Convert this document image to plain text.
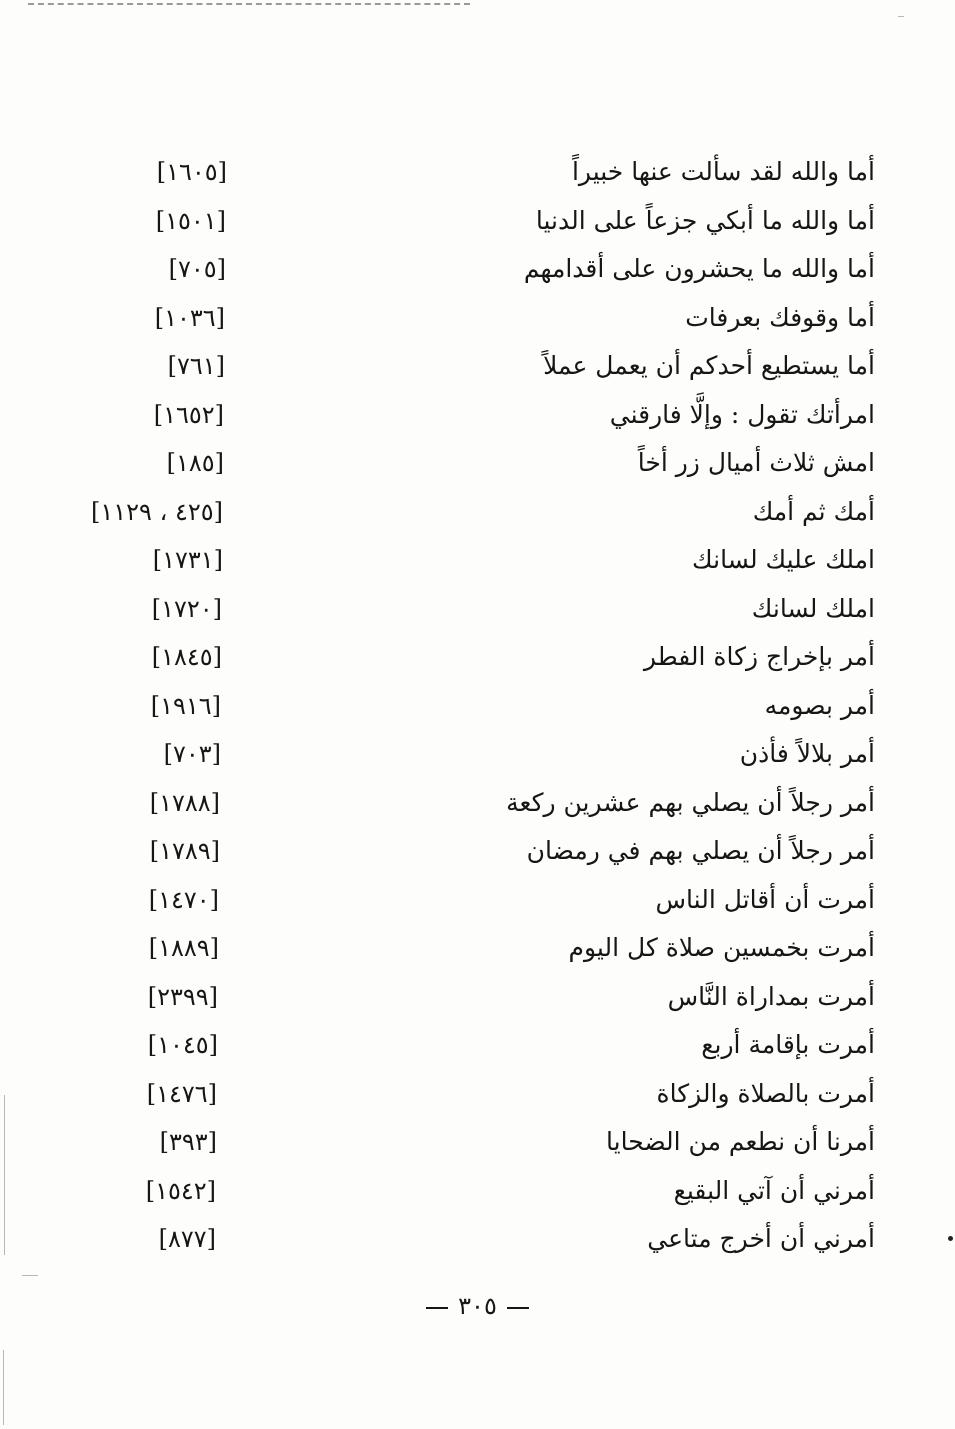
أما والله لقد سألت عنها خبيراً
[١٦٠٥]
أما والله ما أبكي جزعاً على الدنيا
[١٥٠١]
أما والله ما يحشرون على أقدامهم
[٧٠٥]
أما وقوفك بعرفات
[١٠٣٦]
أما يستطيع أحدكم أن يعمل عملاً
[٧٦١]
امرأتك تقول : وإلَّا فارقني
[١٦٥٢]
امش ثلاث أميال زر أخاً
[١٨٥]
أمك ثم أمك
[٤٢٥ ، ١١٢٩]
املك عليك لسانك
[١٧٣١]
املك لسانك
[١٧٢٠]
أمر بإخراج زكاة الفطر
[١٨٤٥]
أمر بصومه
[١٩١٦]
أمر بلالاً فأذن
[٧٠٣]
أمر رجلاً أن يصلي بهم عشرين ركعة
[١٧٨٨]
أمر رجلاً أن يصلي بهم في رمضان
[١٧٨٩]
أمرت أن أقاتل الناس
[١٤٧٠]
أمرت بخمسين صلاة كل اليوم
[١٨٨٩]
أمرت بمداراة النَّاس
[٢٣٩٩]
أمرت بإقامة أربع
[١٠٤٥]
أمرت بالصلاة والزكاة
[١٤٧٦]
أمرنا أن نطعم من الضحايا
[٣٩٣]
أمرني أن آتي البقيع
[١٥٤٢]
أمرني أن أخرج متاعي
[٨٧٧]
٣٠٥
